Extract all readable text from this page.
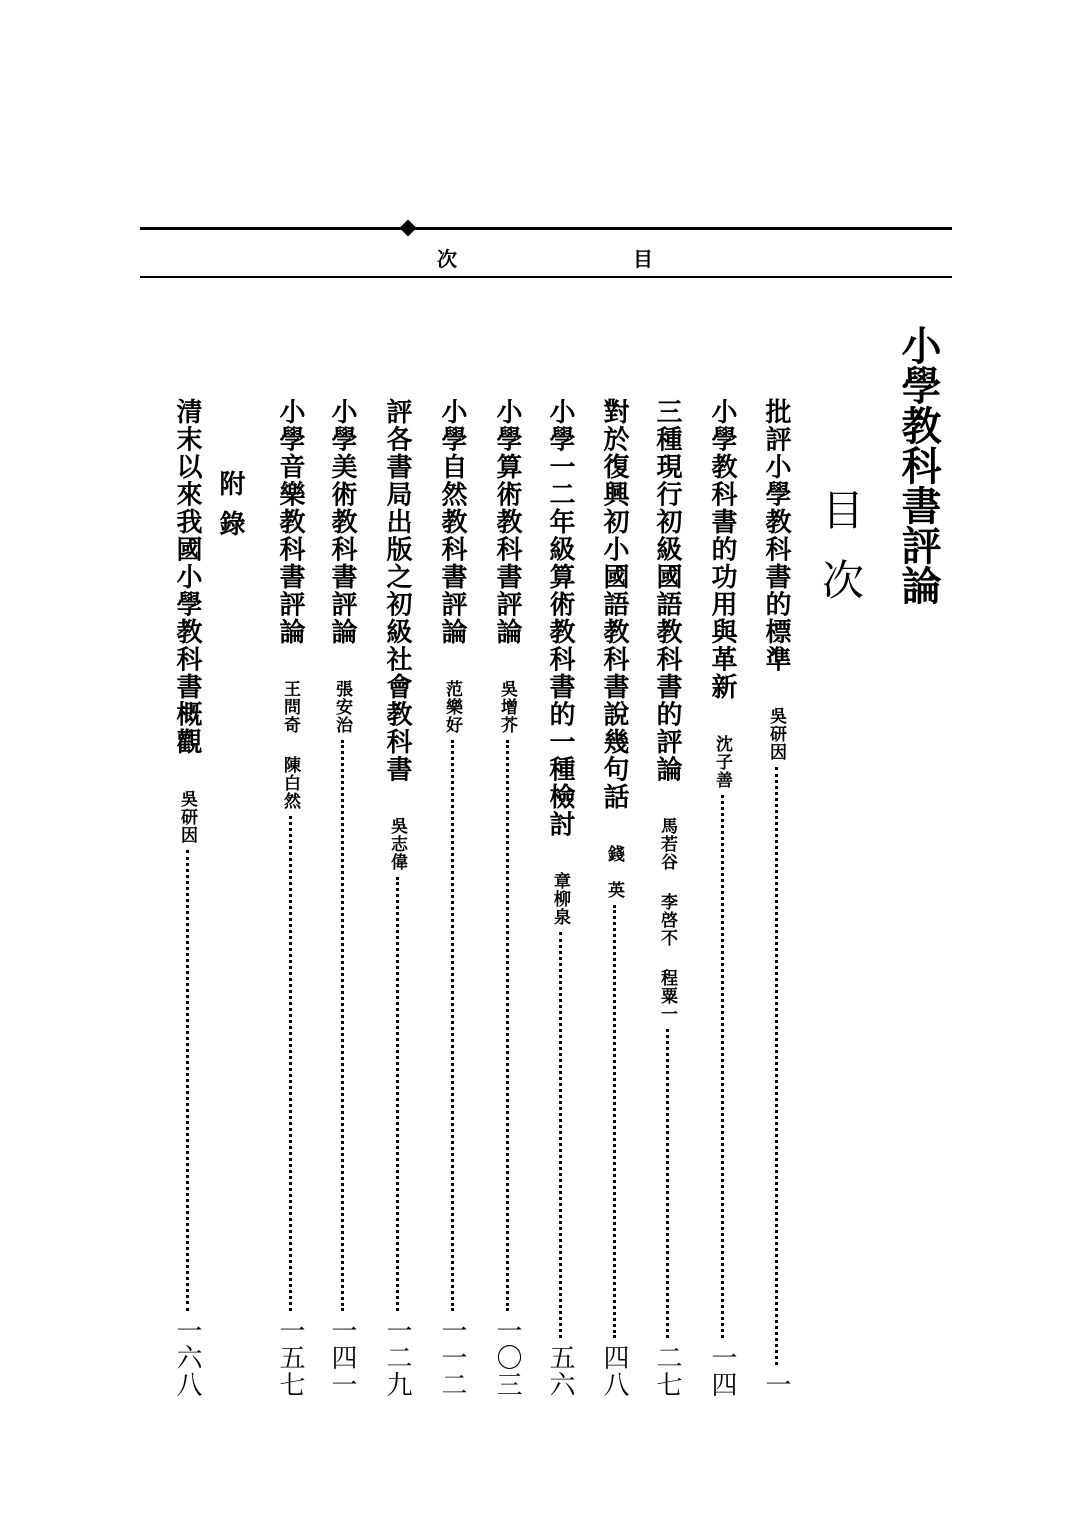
次	目
小學教科書評論
目次
附錄	批評小學教科書的標準
吳研因
一
小學教科書的功用與革新
沈子善
一四
三種現行初級國語教科書的評論
馬若谷
李啓不
程粟一
二七
對於復興初小國語教科書說幾句話
錢　英
四八
小學一二年級算術教科書的一種檢討
章柳泉
五六
小學算術教科書評論
吳增芥
一〇三
小學自然教科書評論
范樂好
一一二
評各書局出版之初級社會教科書
吳志偉
一二九
小學美術教科書評論
張安治
一四一
小學音樂教科書評論
王問奇
陳白然
一五七
清末以來我國小學教科書概觀
吳研因
一六八
